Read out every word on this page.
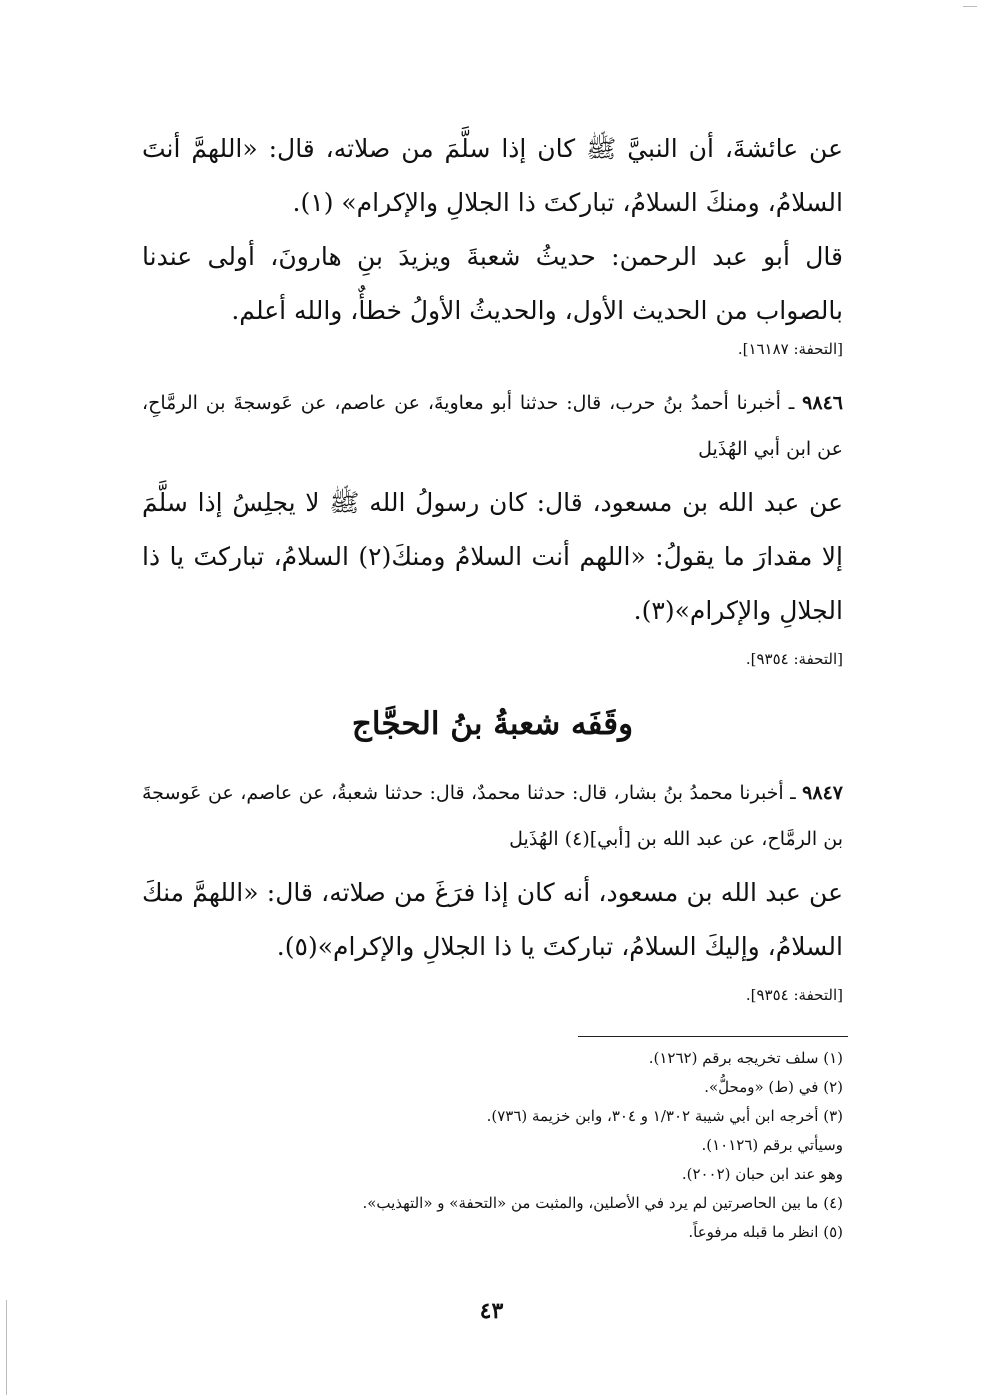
عن عائشةَ، أن النبيَّ ﷺ كان إذا سلَّمَ من صلاته، قال: «اللهمَّ أنتَ السلامُ، ومنكَ السلامُ، تباركتَ ذا الجلالِ والإكرام» (١).
قال أبو عبد الرحمن: حديثُ شعبةَ ويزيدَ بنِ هارونَ، أولى عندنا بالصواب من الحديث الأول، والحديثُ الأولُ خطأٌ، والله أعلم.
[التحفة: ١٦١٨٧].
٩٨٤٦ ـ أخبرنا أحمدُ بنُ حرب، قال: حدثنا أبو معاويةَ، عن عاصم، عن عَوسجةَ بن الرمَّاحِ، عن ابن أبي الهُذَيل
عن عبد الله بن مسعود، قال: كان رسولُ الله ﷺ لا يجلِسُ إذا سلَّمَ إلا مقدارَ ما يقولُ: «اللهم أنت السلامُ ومنكَ(٢) السلامُ، تباركتَ يا ذا الجلالِ والإكرام»(٣).
[التحفة: ٩٣٥٤].
وقَفَه شعبةُ بنُ الحجَّاج
٩٨٤٧ ـ أخبرنا محمدُ بنُ بشار، قال: حدثنا محمدٌ، قال: حدثنا شعبةُ، عن عاصم، عن عَوسجةَ بن الرمَّاح، عن عبد الله بن [أبي](٤) الهُذَيل
عن عبد الله بن مسعود، أنه كان إذا فرَغَ من صلاته، قال: «اللهمَّ منكَ السلامُ، وإليكَ السلامُ، تباركتَ يا ذا الجلالِ والإكرام»(٥).
[التحفة: ٩٣٥٤].
(١) سلف تخريجه برقم (١٢٦٢).
(٢) في (ط) «ومحلُّ».
(٣) أخرجه ابن أبي شيبة ١/٣٠٢ و ٣٠٤، وابن خزيمة (٧٣٦).
وسيأتي برقم (١٠١٢٦).
وهو عند ابن حبان (٢٠٠٢).
(٤) ما بين الحاصرتين لم يرد في الأصلين، والمثبت من «التحفة» و «التهذيب».
(٥) انظر ما قبله مرفوعاً.
٤٣
